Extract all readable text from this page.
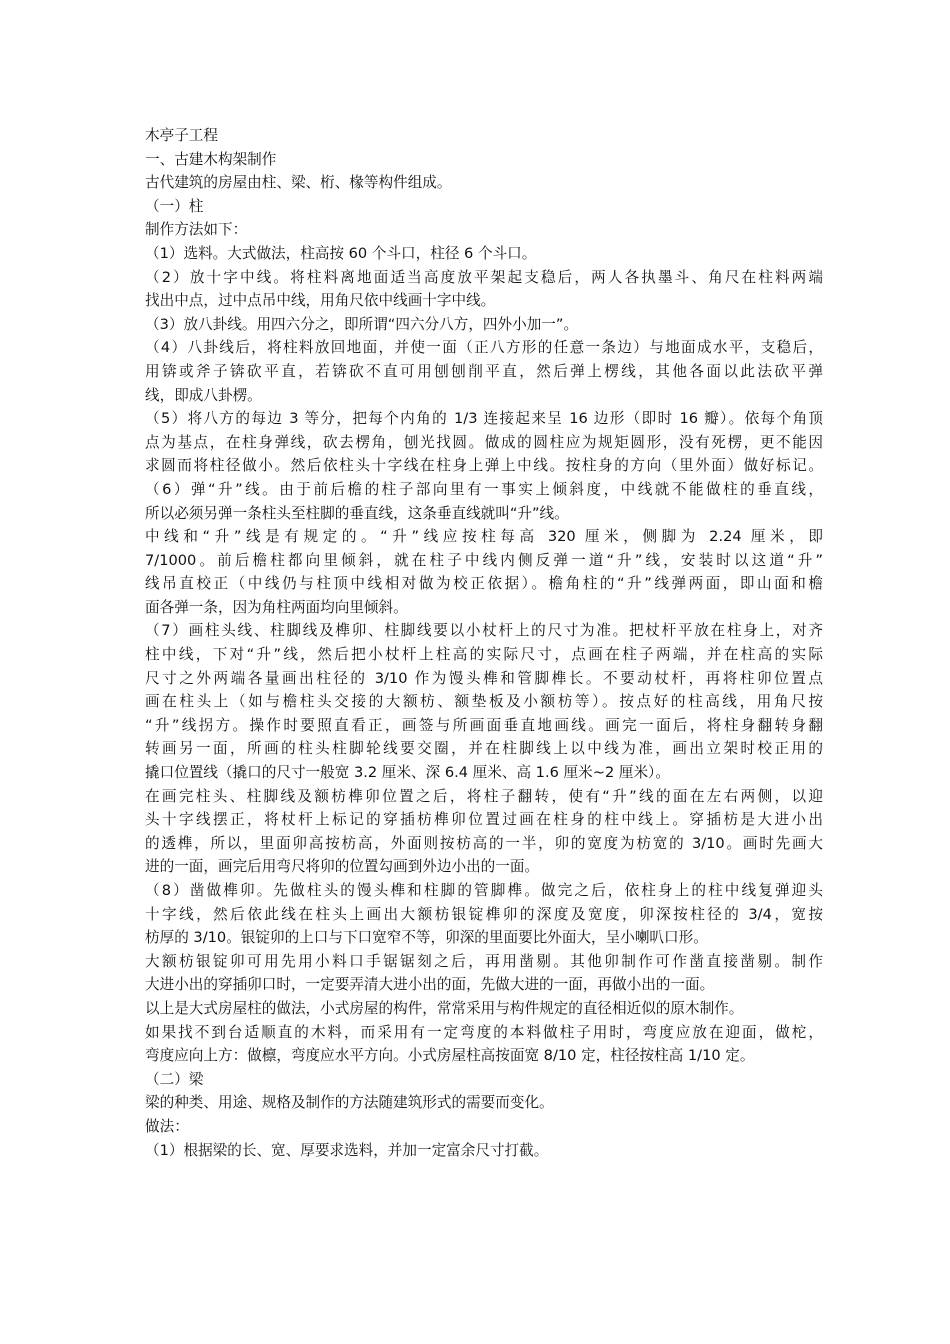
木亭子工程
一、古建木构架制作
古代建筑的房屋由柱、梁、桁、椽等构件组成。
（一）柱
制作方法如下：
（1）选料。大式做法，柱高按 60 个斗口，柱径 6 个斗口。
（2）放十字中线。将柱料离地面适当高度放平架起支稳后，两人各执墨斗、角尺在柱料两端
找出中点，过中点吊中线，用角尺依中线画十字中线。
（3）放八卦线。用四六分之，即所谓“四六分八方，四外小加一”。
（4）八卦线后，将柱料放回地面，并使一面（正八方形的任意一条边）与地面成水平，支稳后，
用锛或斧子锛砍平直，若锛砍不直可用刨刨削平直，然后弹上楞线，其他各面以此法砍平弹
线，即成八卦楞。
（5）将八方的每边 3 等分，把每个内角的 1/3 连接起来呈 16 边形（即时 16 瓣）。依每个角顶
点为基点，在柱身弹线，砍去楞角，刨光找圆。做成的圆柱应为规矩圆形，没有死楞，更不能因
求圆而将柱径做小。然后依柱头十字线在柱身上弹上中线。按柱身的方向（里外面）做好标记。
（6）弹“升”线。由于前后檐的柱子部向里有一事实上倾斜度，中线就不能做柱的垂直线，
所以必须另弹一条柱头至柱脚的垂直线，这条垂直线就叫“升”线。
中线和“升”线是有规定的。“升”线应按柱每高 320 厘米，侧脚为 2.24 厘米，即
7/1000。前后檐柱都向里倾斜，就在柱子中线内侧反弹一道“升”线，安装时以这道“升”
线吊直校正（中线仍与柱顶中线相对做为校正依据）。檐角柱的“升”线弹两面，即山面和檐
面各弹一条，因为角柱两面均向里倾斜。
（7）画柱头线、柱脚线及榫卯、柱脚线要以小杖杆上的尺寸为准。把杖杆平放在柱身上，对齐
柱中线，下对“升”线，然后把小杖杆上柱高的实际尺寸，点画在柱子两端，并在柱高的实际
尺寸之外两端各量画出柱径的 3/10 作为馒头榫和管脚榫长。不要动杖杆，再将柱卯位置点
画在柱头上（如与檐柱头交接的大额枋、额垫板及小额枋等）。按点好的柱高线，用角尺按
“升”线拐方。操作时要照直看正，画签与所画面垂直地画线。画完一面后，将柱身翻转身翻
转画另一面，所画的柱头柱脚轮线要交圈，并在柱脚线上以中线为准，画出立架时校正用的
撬口位置线（撬口的尺寸一般宽 3.2 厘米、深 6.4 厘米、高 1.6 厘米~2 厘米）。
在画完柱头、柱脚线及额枋榫卯位置之后，将柱子翻转，使有“升”线的面在左右两侧，以迎
头十字线摆正，将杖杆上标记的穿插枋榫卯位置过画在柱身的柱中线上。穿插枋是大进小出
的透榫，所以，里面卯高按枋高，外面则按枋高的一半，卯的宽度为枋宽的 3/10。画时先画大
进的一面，画完后用弯尺将卯的位置勾画到外边小出的一面。
（8）凿做榫卯。先做柱头的馒头榫和柱脚的管脚榫。做完之后，依柱身上的柱中线复弹迎头
十字线，然后依此线在柱头上画出大额枋银锭榫卯的深度及宽度，卯深按柱径的 3/4，宽按
枋厚的 3/10。银锭卯的上口与下口宽窄不等，卯深的里面要比外面大，呈小喇叭口形。
大额枋银锭卯可用先用小料口手锯锯刻之后，再用凿剔。其他卯制作可作凿直接凿剔。制作
大进小出的穿插卯口时，一定要弄清大进小出的面，先做大进的一面，再做小出的一面。
以上是大式房屋柱的做法，小式房屋的构件，常常采用与构件规定的直径相近似的原木制作。
如果找不到台适顺直的木料，而采用有一定弯度的本料做柱子用时，弯度应放在迎面，做柁，
弯度应向上方：做檩，弯度应水平方向。小式房屋柱高按面宽 8/10 定，柱径按柱高 1/10 定。
（二）梁
梁的种类、用途、规格及制作的方法随建筑形式的需要而变化。
做法：
（1）根据梁的长、宽、厚要求选料，并加一定富余尺寸打截。
